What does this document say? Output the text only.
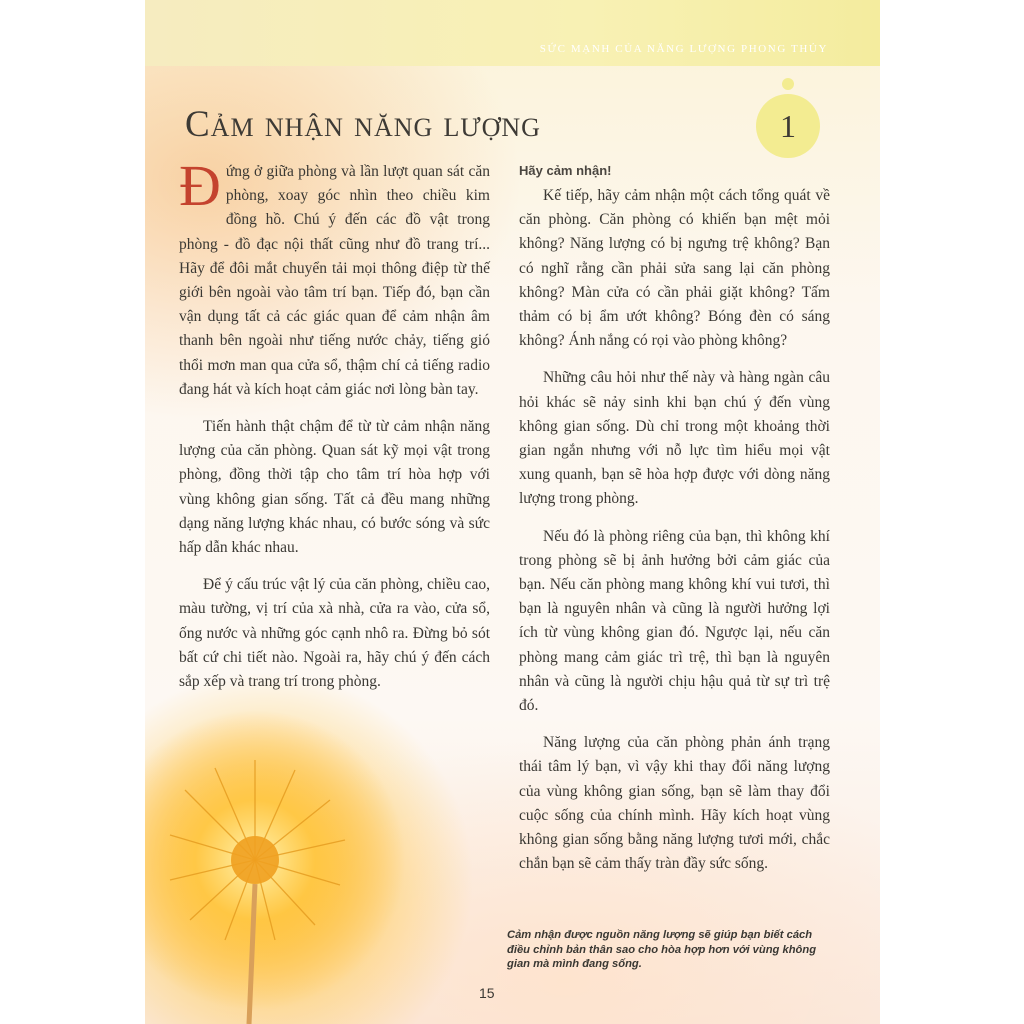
SỨC MẠNH CỦA NĂNG LƯỢNG PHONG THỦY
Cảm nhận năng lượng	1

Đứng ở giữa phòng và lần lượt quan sát căn phòng, xoay góc nhìn theo chiều kim đồng hồ. Chú ý đến các đồ vật trong phòng - đồ đạc nội thất cũng như đồ trang trí... Hãy để đôi mắt chuyển tải mọi thông điệp từ thế giới bên ngoài vào tâm trí bạn. Tiếp đó, bạn cần vận dụng tất cả các giác quan để cảm nhận âm thanh bên ngoài như tiếng nước chảy, tiếng gió thổi mơn man qua cửa sổ, thậm chí cả tiếng radio đang hát và kích hoạt cảm giác nơi lòng bàn tay.

Tiến hành thật chậm để từ từ cảm nhận năng lượng của căn phòng. Quan sát kỹ mọi vật trong phòng, đồng thời tập cho tâm trí hòa hợp với vùng không gian sống. Tất cả đều mang những dạng năng lượng khác nhau, có bước sóng và sức hấp dẫn khác nhau.

Để ý cấu trúc vật lý của căn phòng, chiều cao, màu tường, vị trí của xà nhà, cửa ra vào, cửa sổ, ống nước và những góc cạnh nhô ra. Đừng bỏ sót bất cứ chi tiết nào. Ngoài ra, hãy chú ý đến cách sắp xếp và trang trí trong phòng.

Hãy cảm nhận!

Kế tiếp, hãy cảm nhận một cách tổng quát về căn phòng. Căn phòng có khiến bạn mệt mỏi không? Năng lượng có bị ngưng trệ không? Bạn có nghĩ rằng cần phải sửa sang lại căn phòng không? Màn cửa có cần phải giặt không? Tấm thảm có bị ẩm ướt không? Bóng đèn có sáng không? Ánh nắng có rọi vào phòng không?

Những câu hỏi như thế này và hàng ngàn câu hỏi khác sẽ nảy sinh khi bạn chú ý đến vùng không gian sống. Dù chỉ trong một khoảng thời gian ngắn nhưng với nỗ lực tìm hiểu mọi vật xung quanh, bạn sẽ hòa hợp được với dòng năng lượng trong phòng.

Nếu đó là phòng riêng của bạn, thì không khí trong phòng sẽ bị ảnh hưởng bởi cảm giác của bạn. Nếu căn phòng mang không khí vui tươi, thì bạn là nguyên nhân và cũng là người hưởng lợi ích từ vùng không gian đó. Ngược lại, nếu căn phòng mang cảm giác trì trệ, thì bạn là nguyên nhân và cũng là người chịu hậu quả từ sự trì trệ đó.

Năng lượng của căn phòng phản ánh trạng thái tâm lý bạn, vì vậy khi thay đổi năng lượng của vùng không gian sống, bạn sẽ làm thay đổi cuộc sống của chính mình. Hãy kích hoạt vùng không gian sống bằng năng lượng tươi mới, chắc chắn bạn sẽ cảm thấy tràn đầy sức sống.

Cảm nhận được nguồn năng lượng sẽ giúp bạn biết cách điều chỉnh bản thân sao cho hòa hợp hơn với vùng không gian mà mình đang sống.

15
